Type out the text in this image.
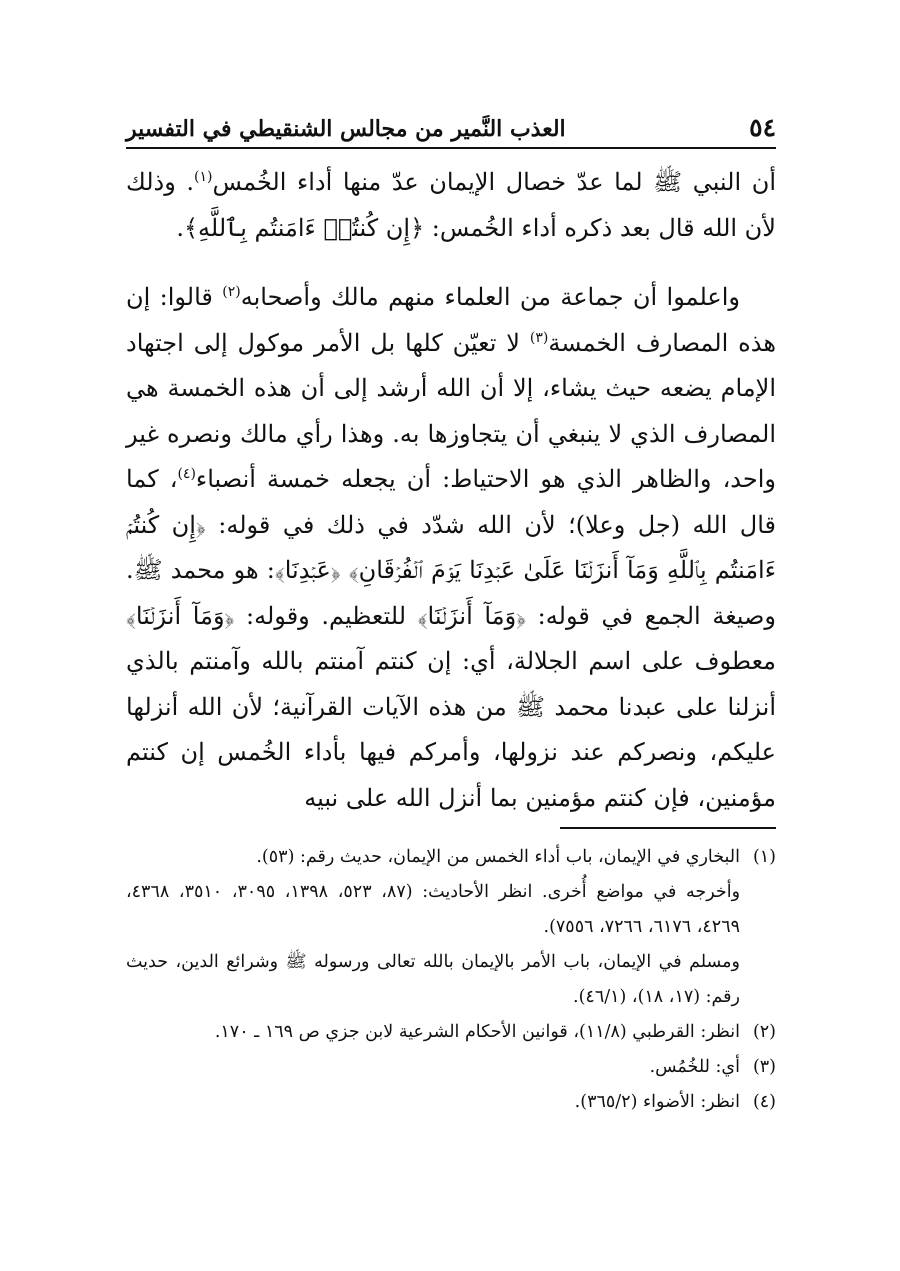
٥٤
العذب النَّمير من مجالس الشنقيطي في التفسير

أن النبي ﷺ لما عدّ خصال الإيمان عدّ منها أداء الخُمس$^{(١)}$. وذلك لأن الله قال بعد ذكره أداء الخُمس: ﴿إِن كُنتُمۡ ءَامَنتُم بِٱللَّهِ﴾.

واعلموا أن جماعة من العلماء منهم مالك وأصحابه$^{(٢)}$ قالوا: إن هذه المصارف الخمسة$^{(٣)}$ لا تعيّن كلها بل الأمر موكول إلى اجتهاد الإمام يضعه حيث يشاء، إلا أن الله أرشد إلى أن هذه الخمسة هي المصارف الذي لا ينبغي أن يتجاوزها به. وهذا رأي مالك ونصره غير واحد، والظاهر الذي هو الاحتياط: أن يجعله خمسة أنصباء$^{(٤)}$، كما قال الله (جل وعلا)؛ لأن الله شدّد في ذلك في قوله: ﴿إِن كُنتُمۡ ءَامَنتُم بِٱللَّهِ وَمَآ أَنزَلۡنَا عَلَىٰ عَبۡدِنَا يَوۡمَ ٱلۡفُرۡقَانِ﴾ ﴿عَبۡدِنَا﴾: هو محمد ﷺ. وصيغة الجمع في قوله: ﴿وَمَآ أَنزَلۡنَا﴾ للتعظيم. وقوله: ﴿وَمَآ أَنزَلۡنَا﴾ معطوف على اسم الجلالة، أي: إن كنتم آمنتم بالله وآمنتم بالذي أنزلنا على عبدنا محمد ﷺ من هذه الآيات القرآنية؛ لأن الله أنزلها عليكم، ونصركم عند نزولها، وأمركم فيها بأداء الخُمس إن كنتم مؤمنين، فإن كنتم مؤمنين بما أنزل الله على نبيه

(١)
البخاري في الإيمان، باب أداء الخمس من الإيمان، حديث رقم: (٥٣).
وأخرجه في مواضع أُخرى. انظر الأحاديث: (٨٧، ٥٢٣، ١٣٩٨، ٣٠٩٥، ٣٥١٠، ٤٣٦٨، ٤٢٦٩، ٦١٧٦، ٧٢٦٦، ٧٥٥٦).
ومسلم في الإيمان، باب الأمر بالإيمان بالله تعالى ورسوله ﷺ وشرائع الدين، حديث رقم: (١٧، ١٨)، (٤٦/١).
(٢)
انظر: القرطبي (١١/٨)، قوانين الأحكام الشرعية لابن جزي ص ١٦٩ ـ ١٧٠.
(٣)
أي: للخُمُس.
(٤)
انظر: الأضواء (٣٦٥/٢).
